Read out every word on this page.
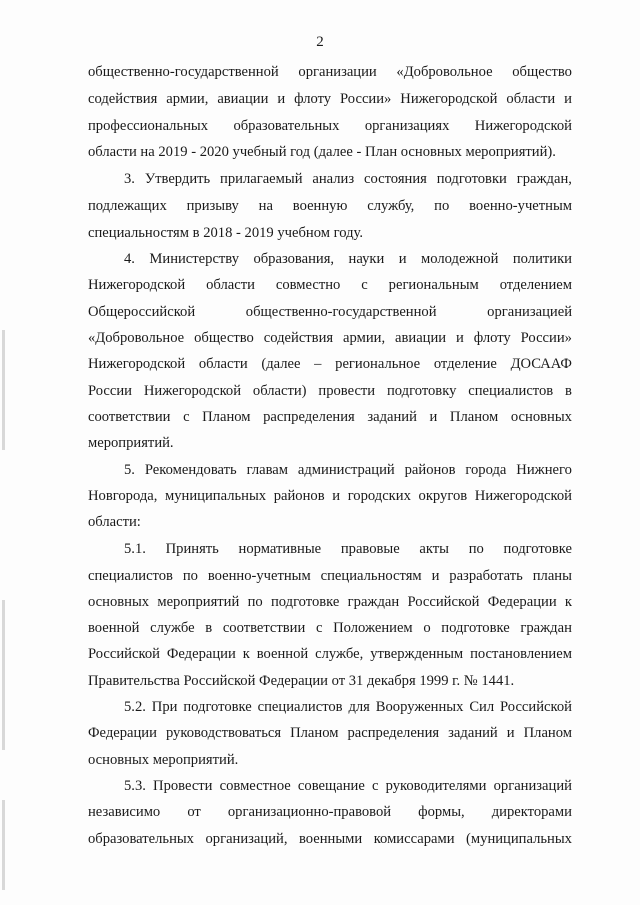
2
общественно-государственной организации «Добровольное общество
содействия армии, авиации и флоту России» Нижегородской области и
профессиональных образовательных организациях Нижегородской
области на 2019 - 2020 учебный год (далее - План основных мероприятий).
3. Утвердить прилагаемый анализ состояния подготовки граждан,
подлежащих призыву на военную службу, по военно-учетным
специальностям в 2018 - 2019 учебном году.
4. Министерству образования, науки и молодежной политики
Нижегородской области совместно с региональным отделением
Общероссийской	общественно-государственной	организацией
«Добровольное общество содействия армии, авиации и флоту России»
Нижегородской области (далее – региональное отделение ДОСААФ
России Нижегородской области) провести подготовку специалистов в
соответствии с Планом распределения заданий и Планом основных
мероприятий.
5. Рекомендовать главам администраций районов города Нижнего
Новгорода, муниципальных районов и городских округов Нижегородской
области:
5.1. Принять нормативные правовые акты по подготовке
специалистов по военно-учетным специальностям и разработать планы
основных мероприятий по подготовке граждан Российской Федерации к
военной службе в соответствии с Положением о подготовке граждан
Российской Федерации к военной службе, утвержденным постановлением
Правительства Российской Федерации от 31 декабря 1999 г. № 1441.
5.2. При подготовке специалистов для Вооруженных Сил Российской
Федерации руководствоваться Планом распределения заданий и Планом
основных мероприятий.
5.3. Провести совместное совещание с руководителями организаций
независимо от организационно-правовой формы, директорами
образовательных организаций, военными комиссарами (муниципальных
